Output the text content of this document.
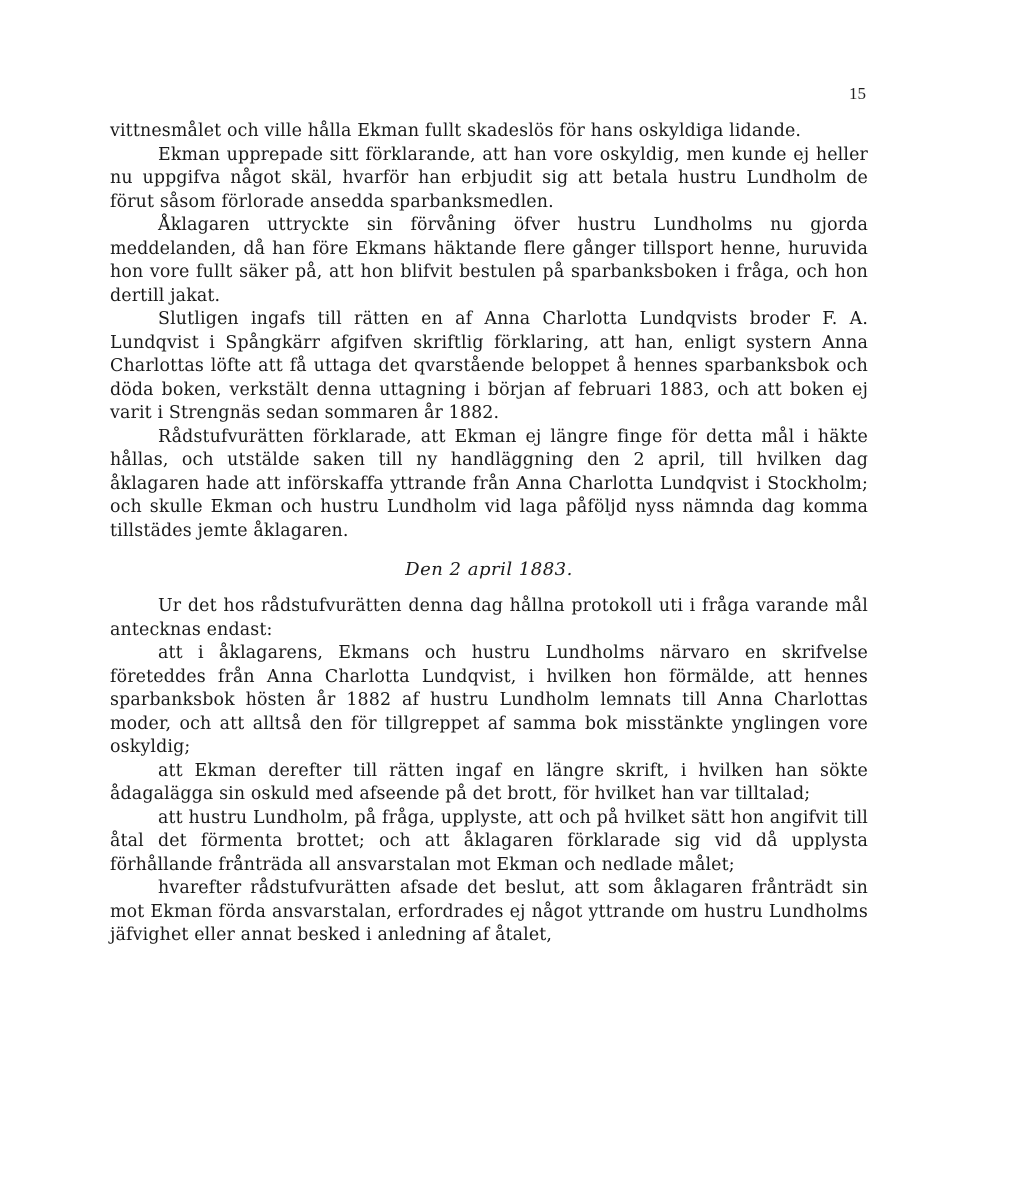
15

vittnesmålet och ville hålla Ekman fullt skadeslös för hans oskyldiga lidande.

Ekman upprepade sitt förklarande, att han vore oskyldig, men kunde ej heller nu uppgifva något skäl, hvarför han erbjudit sig att betala hustru Lundholm de förut såsom förlorade ansedda sparbanksmedlen.

Åklagaren uttryckte sin förvåning öfver hustru Lundholms nu gjorda meddelanden, då han före Ekmans häktande flere gånger tillsport henne, huruvida hon vore fullt säker på, att hon blifvit bestulen på sparbanksboken i fråga, och hon dertill jakat.

Slutligen ingafs till rätten en af Anna Charlotta Lundqvists broder F. A. Lundqvist i Spångkärr afgifven skriftlig förklaring, att han, enligt systern Anna Charlottas löfte att få uttaga det qvarstående beloppet å hennes sparbanksbok och döda boken, verkstält denna uttagning i början af februari 1883, och att boken ej varit i Strengnäs sedan sommaren år 1882.

Rådstufvurätten förklarade, att Ekman ej längre finge för detta mål i häkte hållas, och utstälde saken till ny handläggning den 2 april, till hvilken dag åklagaren hade att införskaffa yttrande från Anna Charlotta Lundqvist i Stockholm; och skulle Ekman och hustru Lundholm vid laga påföljd nyss nämnda dag komma tillstädes jemte åklagaren.

Den 2 april 1883.

Ur det hos rådstufvurätten denna dag hållna protokoll uti i fråga varande mål antecknas endast:

att i åklagarens, Ekmans och hustru Lundholms närvaro en skrifvelse företeddes från Anna Charlotta Lundqvist, i hvilken hon förmälde, att hennes sparbanksbok hösten år 1882 af hustru Lundholm lemnats till Anna Charlottas moder, och att alltså den för tillgreppet af samma bok misstänkte ynglingen vore oskyldig;

att Ekman derefter till rätten ingaf en längre skrift, i hvilken han sökte ådagalägga sin oskuld med afseende på det brott, för hvilket han var tilltalad;

att hustru Lundholm, på fråga, upplyste, att och på hvilket sätt hon angifvit till åtal det förmenta brottet; och att åklagaren förklarade sig vid då upplysta förhållande frånträda all ansvarstalan mot Ekman och nedlade målet;

hvarefter rådstufvurätten afsade det beslut, att som åklagaren frånträdt sin mot Ekman förda ansvarstalan, erfordrades ej något yttrande om hustru Lundholms jäfvighet eller annat besked i anledning af åtalet,
